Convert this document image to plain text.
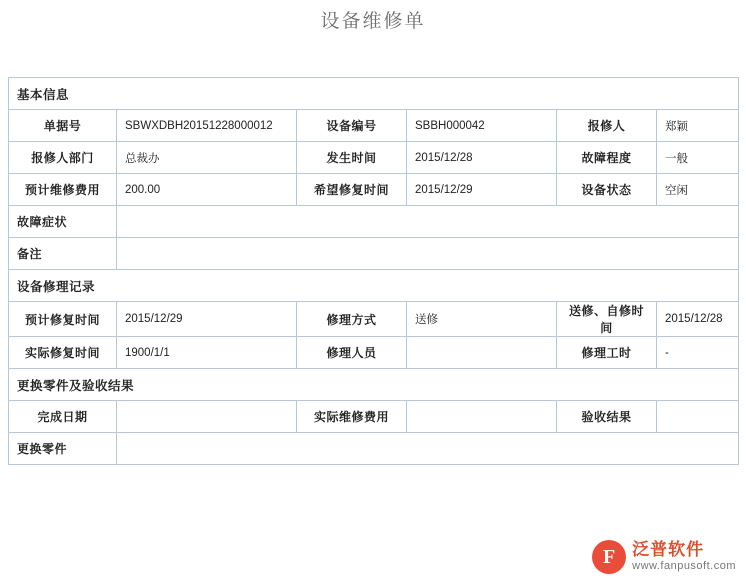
设备维修单
基本信息					
单据号	SBWXDBH20151228000012	设备编号	SBBH000042	报修人	郑颖
报修人部门	总裁办	发生时间	2015/12/28	故障程度	一般
预计维修费用	200.00	希望修复时间	2015/12/29	设备状态	空闲
故障症状					
备注					
设备修理记录					
预计修复时间	2015/12/29	修理方式	送修	送修、自修时间	2015/12/28
实际修复时间	1900/1/1	修理人员		修理工时	-
更换零件及验收结果					
完成日期		实际维修费用		验收结果	
更换零件					
F 泛普软件
www.fanpusoft.com
